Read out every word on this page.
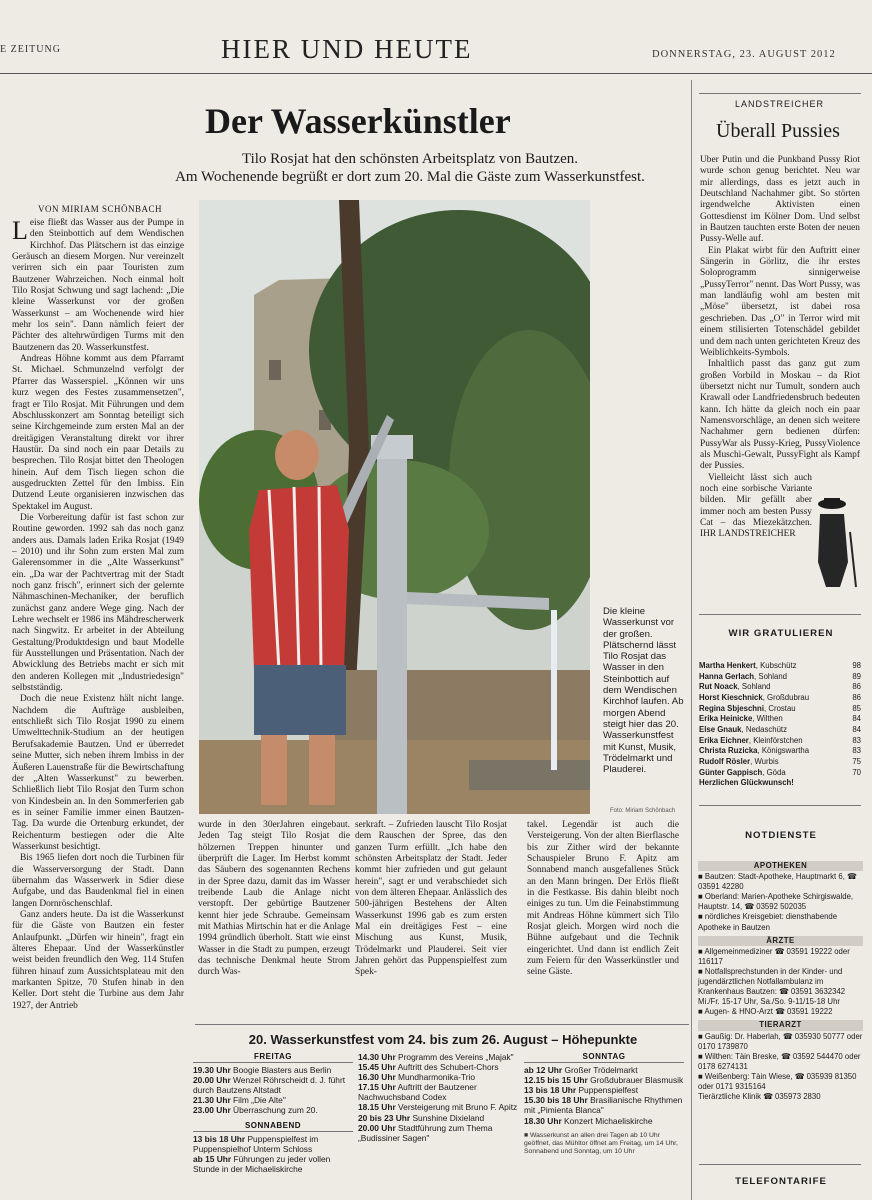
E ZEITUNG	HIER UND HEUTE	DONNERSTAG, 23. AUGUST 2012
Der Wasserkünstler
Tilo Rosjat hat den schönsten Arbeitsplatz von Bautzen.
Am Wochenende begrüßt er dort zum 20. Mal die Gäste zum Wasserkunstfest.
VON MIRIAM SCHÖNBACH

Leise fließt das Wasser aus der Pumpe in den Steinbottich auf dem Wendischen Kirchhof. Das Plätschern ist das einzige Geräusch an diesem Morgen. Nur vereinzelt verirren sich ein paar Touristen zum Bautzener Wahrzeichen. Noch einmal holt Tilo Rosjat Schwung und sagt lachend: „Die kleine Wasserkunst vor der großen Wasserkunst – am Wochenende wird hier mehr los sein". Dann nämlich feiert der Pächter des altehrwürdigen Turms mit den Bautzenern das 20. Wasserkunstfest.

Andreas Höhne kommt aus dem Pfarramt St. Michael. Schmunzelnd verfolgt der Pfarrer das Wasserspiel. „Können wir uns kurz wegen des Festes zusammensetzen", fragt er Tilo Rosjat. Mit Führungen und dem Abschlusskonzert am Sonntag beteiligt sich seine Kirchgemeinde zum ersten Mal an der dreitägigen Veranstaltung direkt vor ihrer Haustür. Da sind noch ein paar Details zu besprechen. Tilo Rosjat bittet den Theologen hinein. Auf dem Tisch liegen schon die ausgedruckten Zettel für den Imbiss. Ein Dutzend Leute organisieren inzwischen das Spektakel im August.

Die Vorbereitung dafür ist fast schon zur Routine geworden. 1992 sah das noch ganz anders aus. Damals laden Erika Rosjat (1949 – 2010) und ihr Sohn zum ersten Mal zum Galerensommer in die „Alte Wasserkunst" ein. „Da war der Pachtvertrag mit der Stadt noch ganz frisch", erinnert sich der gelernte Nähmaschinen-Mechaniker, der beruflich zunächst ganz andere Wege ging. Nach der Lehre wechselt er 1986 ins Mähdrescherwerk nach Singwitz. Er arbeitet in der Abteilung Gestaltung/Produktdesign und baut Modelle für Ausstellungen und Präsentation. Nach der Abwicklung des Betriebs macht er sich mit den anderen Kollegen mit „Industriedesign" selbstständig.

Doch die neue Existenz hält nicht lange. Nachdem die Aufträge ausbleiben, entschließt sich Tilo Rosjat 1990 zu einem Umwelttechnik-Studium an der heutigen Berufsakademie Bautzen. Und er überredet seine Mutter, sich neben ihrem Imbiss in der Äußeren Lauenstraße für die Bewirtschaftung der „Alten Wasserkunst" zu bewerben. Schließlich liebt Tilo Rosjat den Turm schon von Kindesbein an. In den Sommerferien gab es in seiner Familie immer einen Bautzen-Tag. Da wurde die Ortenburg erkundet, der Reichenturm bestiegen oder die Alte Wasserkunst besichtigt.

Bis 1965 liefen dort noch die Turbinen für die Wasserversorgung der Stadt. Dann übernahm das Wasserwerk in Sdier diese Aufgabe, und das Baudenkmal fiel in einen langen Dornröschenschlaf.

Ganz anders heute. Da ist die Wasserkunst für die Gäste von Bautzen ein fester Anlaufpunkt. „Dürfen wir hinein", fragt ein älteres Ehepaar. Und der Wasserkünstler weist beiden freundlich den Weg. 114 Stufen führen hinauf zum Aussichtsplateau mit den markanten Spitze, 70 Stufen hinab in den Keller. Dort steht die Turbine aus dem Jahr 1927, der Antrieb

Die kleine Wasserkunst vor der großen. Plätschernd lässt Tilo Rosjat das Wasser in den Steinbottich auf dem Wendischen Kirchhof laufen. Ab morgen Abend steigt hier das 20. Wasserkunstfest mit Kunst, Musik, Trödelmarkt und Plauderei.
Foto: Miriam Schönbach
wurde in den 30erJahren eingebaut. Jeden Tag steigt Tilo Rosjat die hölzernen Treppen hinunter und überprüft die Lager. Im Herbst kommt das Säubern des sogenannten Rechens in der Spree dazu, damit das im Wasser treibende Laub die Anlage nicht verstopft. Der gebürtige Bautzener kennt hier jede Schraube. Gemeinsam mit Mathias Mirtschin hat er die Anlage 1994 gründlich überholt. Statt wie einst Wasser in die Stadt zu pumpen, erzeugt das technische Denkmal heute Strom durch Was-
serkraft. – Zufrieden lauscht Tilo Rosjat dem Rauschen der Spree, das den ganzen Turm erfüllt. „Ich habe den schönsten Arbeitsplatz der Stadt. Jeder kommt hier zufrieden und gut gelaunt herein", sagt er und verabschiedet sich von dem älteren Ehepaar. Anlässlich des 500-jährigen Bestehens der Alten Wasserkunst 1996 gab es zum ersten Mal ein dreitägiges Fest – eine Mischung aus Kunst, Musik, Trödelmarkt und Plauderei. Seit vier Jahren gehört das Puppenspielfest zum Spek-
takel. Legendär ist auch die Versteigerung. Von der alten Bierflasche bis zur Zither wird der bekannte Schauspieler Bruno F. Apitz am Sonnabend manch ausgefallenes Stück an den Mann bringen. Der Erlös fließt in die Festkasse. Bis dahin bleibt noch einiges zu tun. Um die Feinabstimmung mit Andreas Höhne kümmert sich Tilo Rosjat gleich. Morgen wird noch die Bühne aufgebaut und die Technik eingerichtet. Und dann ist endlich Zeit zum Feiern für den Wasserkünstler und seine Gäste.
20. Wasserkunstfest vom 24. bis zum 26. August – Höhepunkte
FREITAG
19.30 Uhr Boogie Blasters aus Berlin
20.00 Uhr Wenzel Röhrscheidt d. J. führt durch Bautzens Altstadt
21.30 Uhr Film „Die Alte"
23.00 Uhr Überraschung zum 20.
SONNABEND
13 bis 18 Uhr Puppenspielfest im Puppenspielhof Unterm Schloss
ab 15 Uhr Führungen zu jeder vollen Stunde in der Michaeliskirche
14.30 Uhr Programm des Vereins „Majak"
15.45 Uhr Auftritt des Schubert-Chors
16.30 Uhr Mundharmonika-Trio
17.15 Uhr Auftritt der Bautzener Nachwuchsband Codex
18.15 Uhr Versteigerung mit Bruno F. Apitz
20 bis 23 Uhr Sunshine Dixieland
20.00 Uhr Stadtführung zum Thema „Budissiner Sagen"
SONNTAG
ab 12 Uhr Großer Trödelmarkt
12.15 bis 15 Uhr Großdubrauer Blasmusik
13 bis 18 Uhr Puppenspielfest
15.30 bis 18 Uhr Brasilianische Rhythmen mit „Pimienta Blanca"
18.30 Uhr Konzert Michaeliskirche
■ Wasserkunst an allen drei Tagen ab 10 Uhr geöffnet, das Mühltor öffnet am Freitag, um 14 Uhr, Sonnabend und Sonntag, um 10 Uhr
LANDSTREICHER
Überall Pussies

Über Putin und die Punkband Pussy Riot wurde schon genug berichtet. Neu war mir allerdings, dass es jetzt auch in Deutschland Nachahmer gibt. So störten irgendwelche Aktivisten einen Gottesdienst im Kölner Dom. Und selbst in Bautzen tauchten erste Boten der neuen Pussy-Welle auf.

Ein Plakat wirbt für den Auftritt einer Sängerin in Görlitz, die ihr erstes Soloprogramm sinnigerweise „PussyTerror" nennt. Das Wort Pussy, was man landläufig wohl am besten mit „Möse" übersetzt, ist dabei rosa geschrieben. Das „O" in Terror wird mit einem stilisierten Totenschädel gebildet und dem nach unten gerichteten Kreuz des Weiblichkeits-Symbols.

Inhaltlich passt das ganz gut zum großen Vorbild in Moskau – da Riot übersetzt nicht nur Tumult, sondern auch Krawall oder Landfriedensbruch bedeuten kann. Ich hätte da gleich noch ein paar Namensvorschläge, an denen sich weitere Nachahmer gern bedienen dürfen: PussyWar als Pussy-Krieg, PussyViolence als Muschi-Gewalt, PussyFight als Kampf der Pussies.

Vielleicht lässt sich auch noch eine sorbische Variante bilden. Mir gefällt aber immer noch am besten Pussy Cat – das Miezekätzchen. IHR LANDSTREICHER

WIR GRATULIEREN
Martha Henkert, Kubschütz	98
Hanna Gerlach, Sohland	89
Rut Noack, Sohland	86
Horst Kieschnick, Großdubrau	86
Regina Sbjeschni, Crostau	85
Erika Heinicke, Wilthen	84
Else Gnauk, Nedaschütz	84
Erika Eichner, Kleinförstchen	83
Christa Ruzicka, Königswartha	83
Rudolf Rösler, Wurbis	75
Günter Gappisch, Göda	70
Herzlichen Glückwunsch!
NOTDIENSTE
APOTHEKEN
■ Bautzen: Stadt-Apotheke, Hauptmarkt 6, ☎ 03591 42280
■ Oberland: Marien-Apotheke Schirgiswalde, Hauptstr. 14, ☎ 03592 502035
■ nördliches Kreisgebiet: diensthabende Apotheke in Bautzen
ÄRZTE
■ Allgemeinmediziner ☎ 03591 19222 oder 116117
■ Notfallsprechstunden in der Kinder- und jugendärztlichen Notfallambulanz im Krankenhaus Bautzen: ☎ 03591 3632342 Mi./Fr. 15-17 Uhr, Sa./So. 9-11/15-18 Uhr
■ Augen- & HNO-Arzt ☎ 03591 19222
TIERARZT
■ Gaußig: Dr. Haberlah, ☎ 035930 50777 oder 0170 1739870
■ Wilthen: Tàin Breske, ☎ 03592 544470 oder 0178 6274131
■ Weißenberg: Tàin Wiese, ☎ 035939 81350 oder 0171 9315164
Tierärztliche Klinik ☎ 035973 2830
TELEFONTARIFE
